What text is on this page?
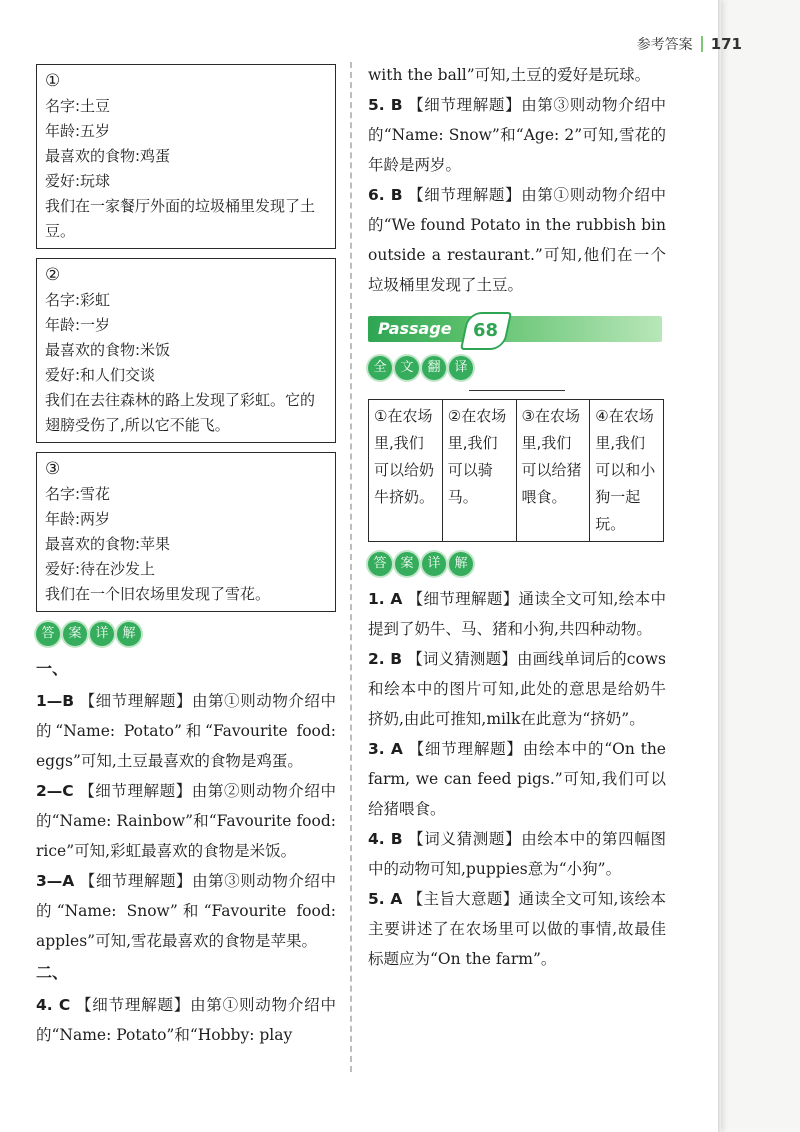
参考答案 171
①

名字:土豆

年龄:五岁

最喜欢的食物:鸡蛋

爱好:玩球

我们在一家餐厅外面的垃圾桶里发现了土豆。

②

名字:彩虹

年龄:一岁

最喜欢的食物:米饭

爱好:和人们交谈

我们在去往森林的路上发现了彩虹。它的翅膀受伤了,所以它不能飞。

③

名字:雪花

年龄:两岁

最喜欢的食物:苹果

爱好:待在沙发上

我们在一个旧农场里发现了雪花。

答	案	详	解
一、

1—B 【细节理解题】由第①则动物介绍中的“Name: Potato”和“Favourite food: eggs”可知,土豆最喜欢的食物是鸡蛋。

2—C 【细节理解题】由第②则动物介绍中的“Name: Rainbow”和“Favourite food: rice”可知,彩虹最喜欢的食物是米饭。

3—A 【细节理解题】由第③则动物介绍中的“Name: Snow”和“Favourite food: apples”可知,雪花最喜欢的食物是苹果。

二、

4. C 【细节理解题】由第①则动物介绍中的“Name: Potato”和“Hobby: play

with the ball”可知,土豆的爱好是玩球。

5. B 【细节理解题】由第③则动物介绍中的“Name: Snow”和“Age: 2”可知,雪花的年龄是两岁。

6. B 【细节理解题】由第①则动物介绍中的“We found Potato in the rubbish bin outside a restaurant.”可知,他们在一个垃圾桶里发现了土豆。

Passage 68
全	文	翻	译
①在农场里,我们可以给奶牛挤奶。	②在农场里,我们可以骑马。	③在农场里,我们可以给猪喂食。	④在农场里,我们可以和小狗一起玩。
答	案	详	解

1. A 【细节理解题】通读全文可知,绘本中提到了奶牛、马、猪和小狗,共四种动物。

2. B 【词义猜测题】由画线单词后的cows和绘本中的图片可知,此处的意思是给奶牛挤奶,由此可推知,milk在此意为“挤奶”。

3. A 【细节理解题】由绘本中的“On the farm, we can feed pigs.”可知,我们可以给猪喂食。

4. B 【词义猜测题】由绘本中的第四幅图中的动物可知,puppies意为“小狗”。

5. A 【主旨大意题】通读全文可知,该绘本主要讲述了在农场里可以做的事情,故最佳标题应为“On the farm”。
